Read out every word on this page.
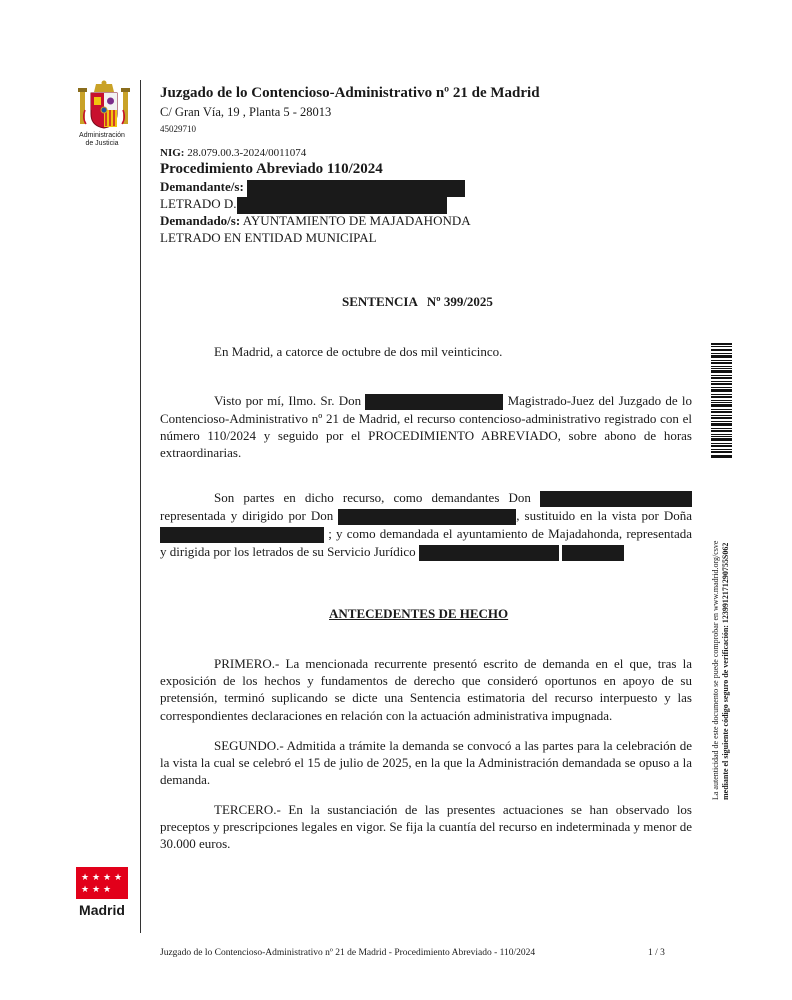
Administración
de Justicia
Juzgado de lo Contencioso-Administrativo nº 21 de Madrid
C/ Gran Vía, 19 , Planta 5 - 28013
45029710
NIG: 28.079.00.3-2024/0011074
Procedimiento Abreviado 110/2024
Demandante/s:
LETRADO D.
Demandado/s: AYUNTAMIENTO DE MAJADAHONDA
LETRADO EN ENTIDAD MUNICIPAL
SENTENCIA   Nº 399/2025
En Madrid, a catorce de octubre de dos mil veinticinco.
Visto por mí, Ilmo. Sr. Don	Magistrado-Juez del Juzgado de lo Contencioso-Administrativo nº 21 de Madrid, el recurso contencioso-administrativo registrado con el número 110/2024 y seguido por el PROCEDIMIENTO ABREVIADO, sobre abono de horas extraordinarias.
Son partes en dicho recurso, como demandantes Don  representada y dirigido por Don	, sustituido en la vista por Doña  ; y como demandada el ayuntamiento de Majadahonda, representada y dirigida por los letrados de su Servicio Jurídico
ANTECEDENTES DE HECHO
PRIMERO.- La mencionada recurrente presentó escrito de demanda en el que, tras la exposición de los hechos y fundamentos de derecho que consideró oportunos en apoyo de su pretensión, terminó suplicando se dicte una Sentencia estimatoria del recurso interpuesto y las correspondientes declaraciones en relación con la actuación administrativa impugnada.
SEGUNDO.- Admitida a trámite la demanda se convocó a las partes para la celebración de la vista la cual se celebró el 15 de julio de 2025, en la que la Administración demandada se opuso a la demanda.
TERCERO.- En la sustanciación de las presentes actuaciones se han observado los preceptos y prescripciones legales en vigor. Se fija la cuantía del recurso en indeterminada y menor de 30.000 euros.
La autenticidad de este documento se puede comprobar en www.madrid.org/csve mediante el siguiente código seguro de verificación: 1239912171290755S062
★ ★ ★ ★
★ ★ ★
Madrid
Juzgado de lo Contencioso-Administrativo nº 21 de Madrid - Procedimiento Abreviado - 110/2024	1 / 3
